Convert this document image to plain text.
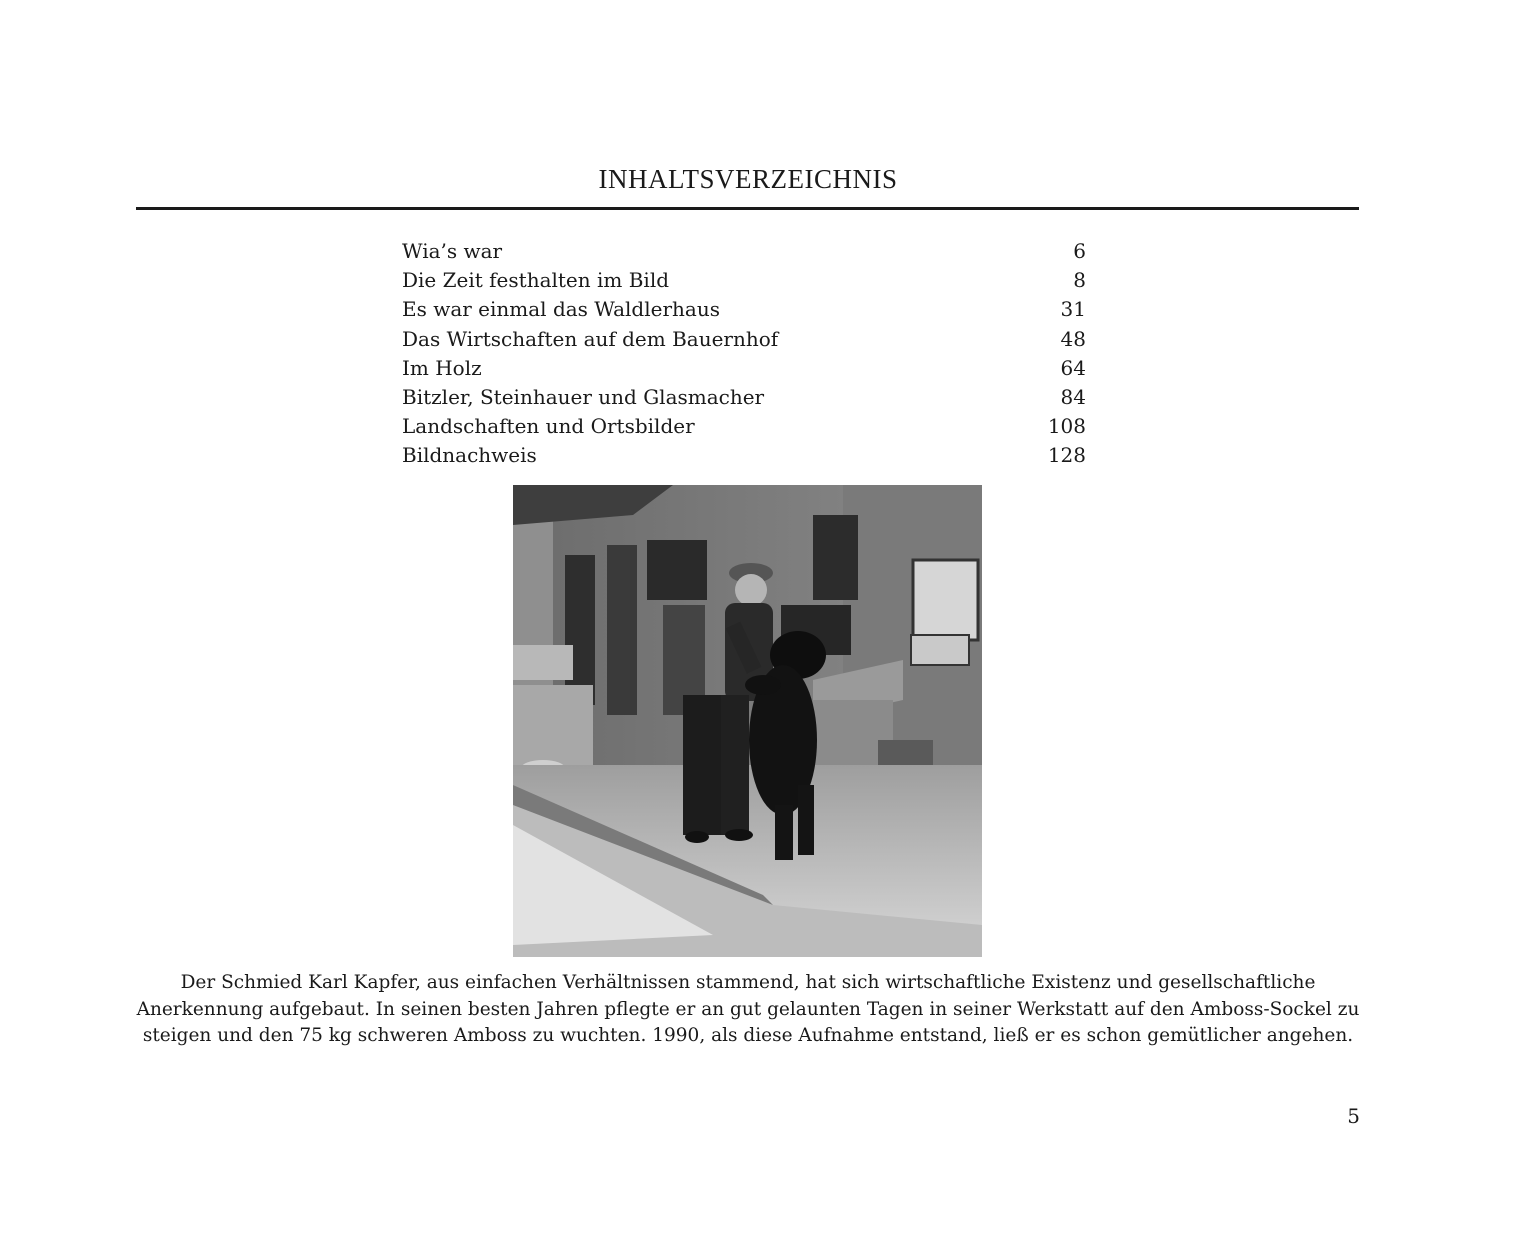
INHALTSVERZEICHNIS
Wia’s war	6
Die Zeit festhalten im Bild	8
Es war einmal das Waldlerhaus	31
Das Wirtschaften auf dem Bauernhof	48
Im Holz	64
Bitzler, Steinhauer und Glasmacher	84
Landschaften und Ortsbilder	108
Bildnachweis	128
Der Schmied Karl Kapfer, aus einfachen Verhältnissen stammend, hat sich wirtschaftliche Existenz und gesellschaftliche
Anerkennung aufgebaut. In seinen besten Jahren pflegte er an gut gelaunten Tagen in seiner Werkstatt auf den Amboss-Sockel zu
steigen und den 75 kg schweren Amboss zu wuchten. 1990, als diese Aufnahme entstand, ließ er es schon gemütlicher angehen.
5
